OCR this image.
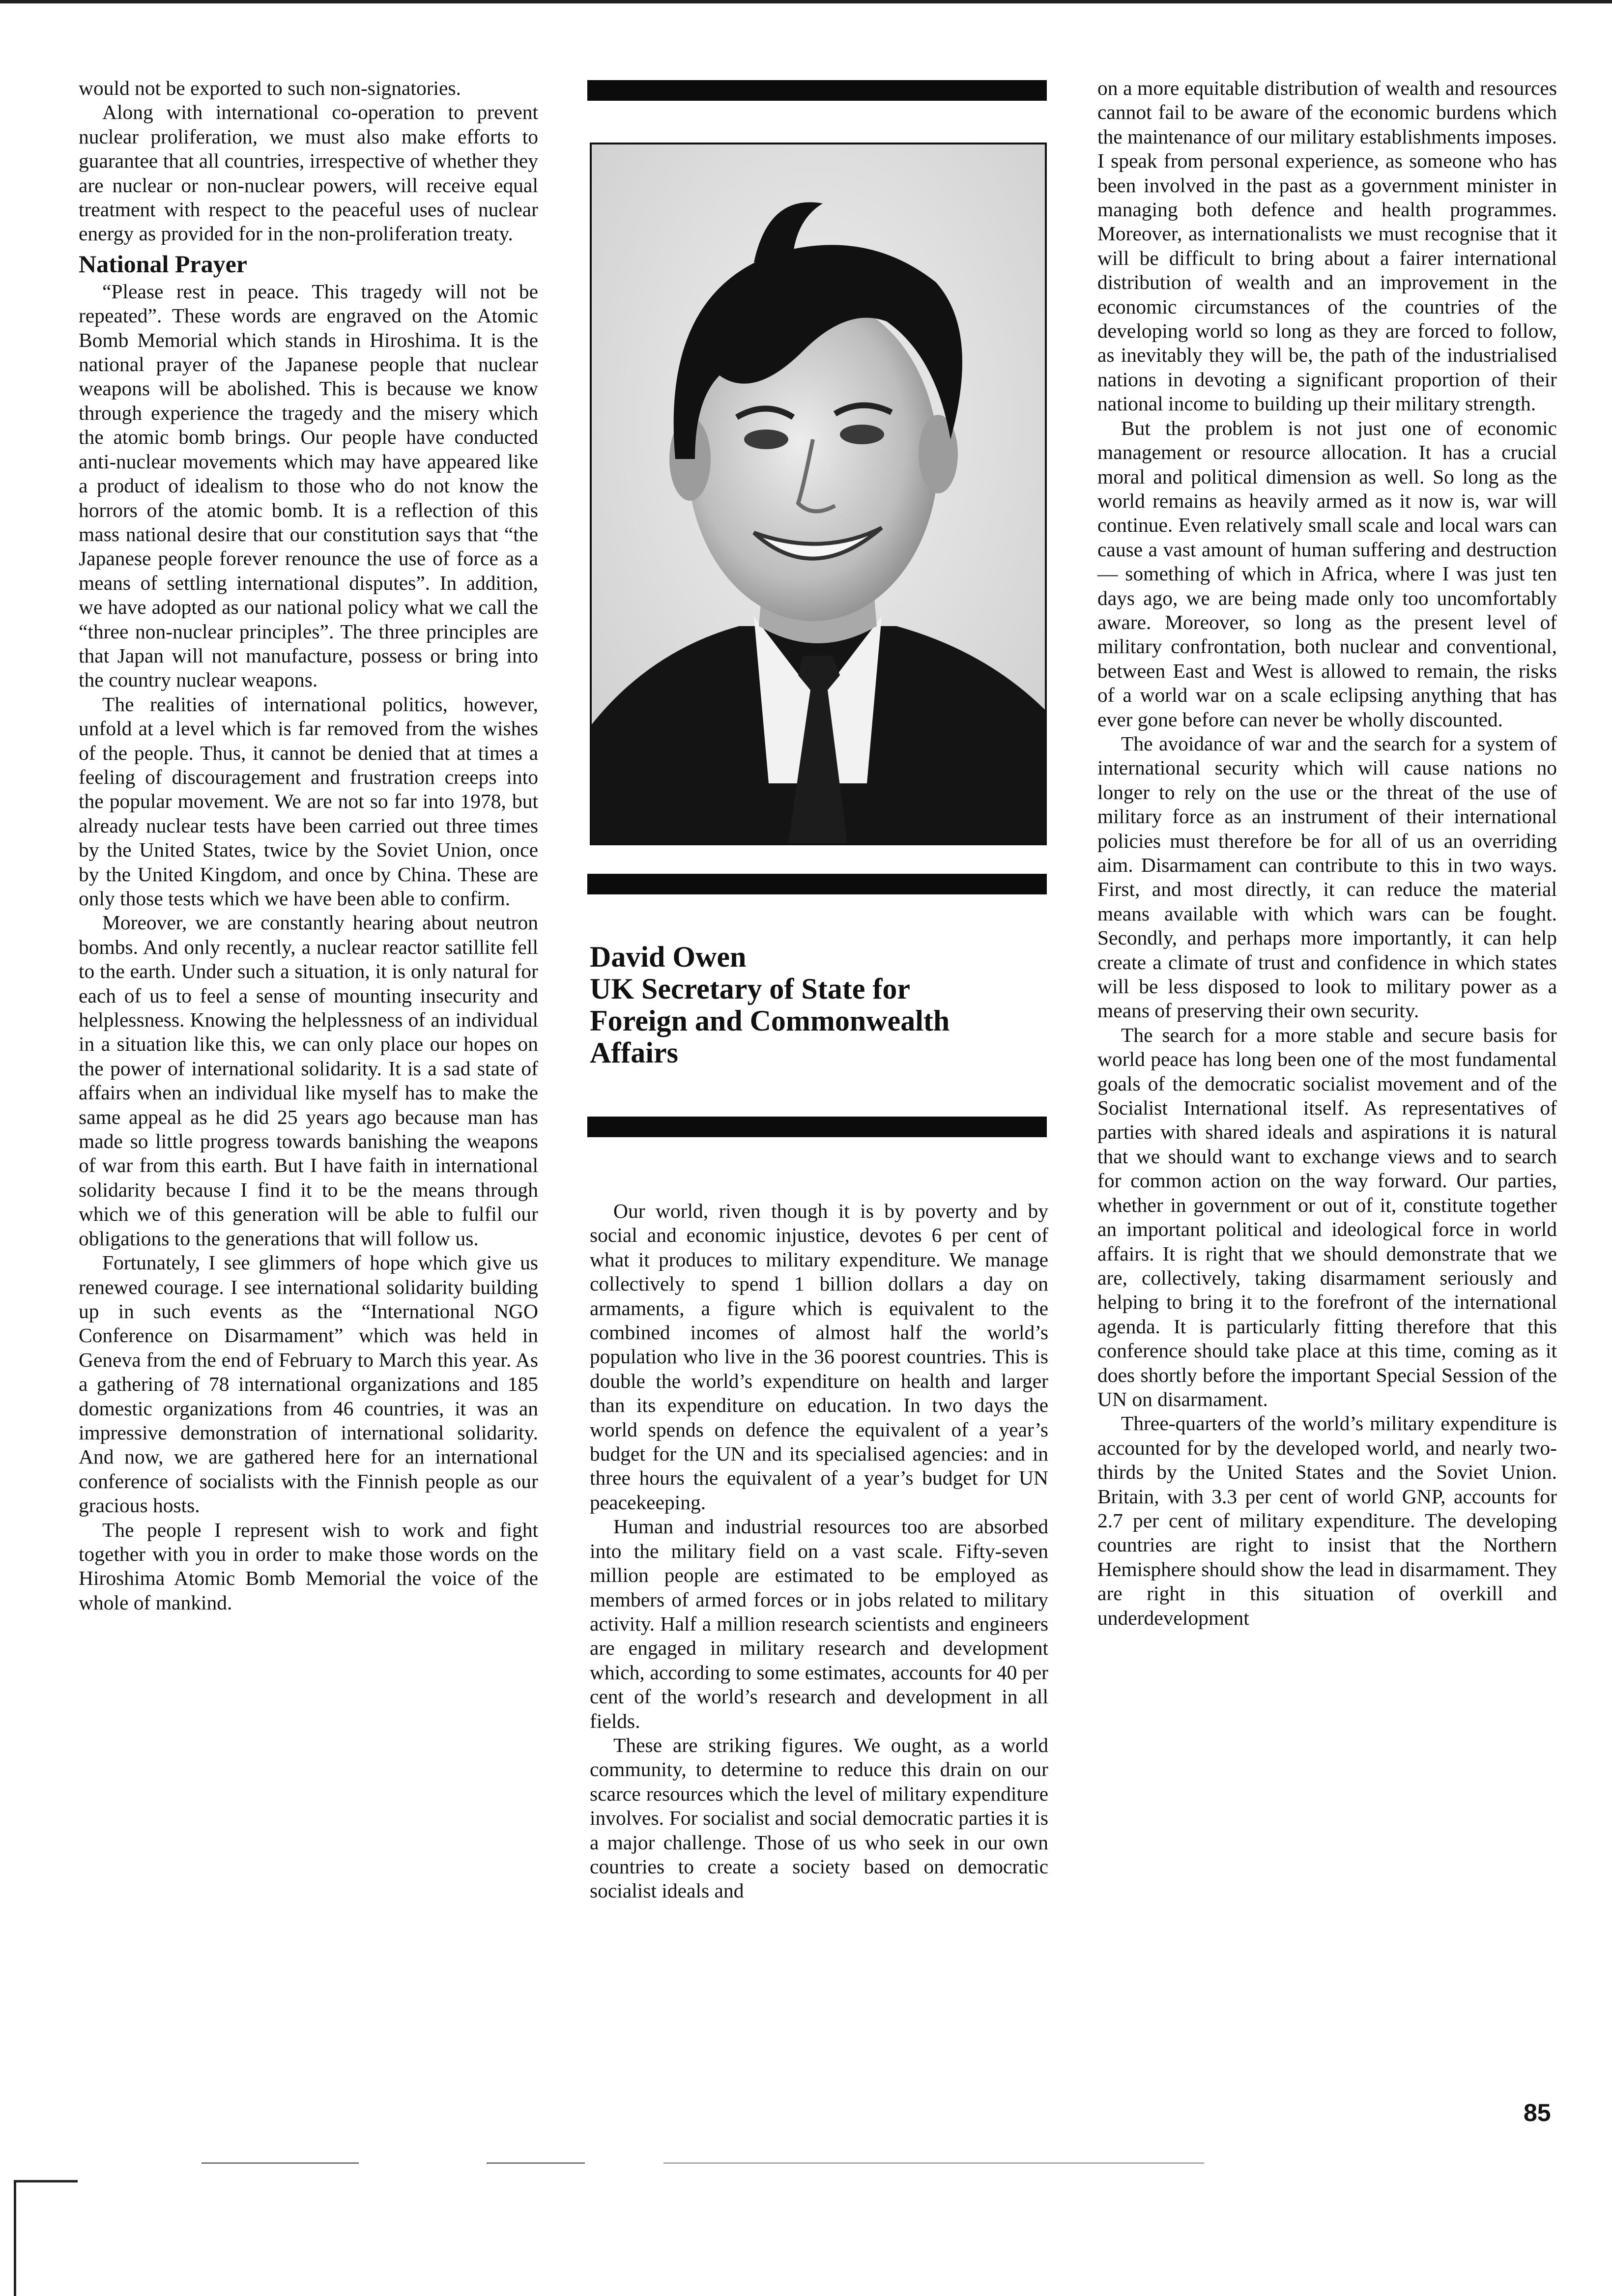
would not be exported to such non-signatories.

Along with international co-operation to prevent nuclear proliferation, we must also make efforts to guarantee that all countries, irrespective of whether they are nuclear or non-nuclear powers, will receive equal treatment with respect to the peaceful uses of nuclear energy as provided for in the non-proliferation treaty.

National Prayer

“Please rest in peace. This tragedy will not be repeated”. These words are engraved on the Atomic Bomb Memorial which stands in Hiroshima. It is the national prayer of the Japanese people that nuclear weapons will be abolished. This is because we know through experience the tragedy and the misery which the atomic bomb brings. Our people have conducted anti-nuclear movements which may have appeared like a product of idealism to those who do not know the horrors of the atomic bomb. It is a reflection of this mass national desire that our constitution says that “the Japanese people forever renounce the use of force as a means of settling international disputes”. In addition, we have adopted as our national policy what we call the “three non-nuclear principles”. The three principles are that Japan will not manufacture, possess or bring into the country nuclear weapons.

The realities of international politics, however, unfold at a level which is far removed from the wishes of the people. Thus, it cannot be denied that at times a feeling of discouragement and frustration creeps into the popular movement. We are not so far into 1978, but already nuclear tests have been carried out three times by the United States, twice by the Soviet Union, once by the United Kingdom, and once by China. These are only those tests which we have been able to confirm.

Moreover, we are constantly hearing about neutron bombs. And only recently, a nuclear reactor satillite fell to the earth. Under such a situation, it is only natural for each of us to feel a sense of mounting insecurity and helplessness. Knowing the helplessness of an individual in a situation like this, we can only place our hopes on the power of international solidarity. It is a sad state of affairs when an individual like myself has to make the same appeal as he did 25 years ago because man has made so little progress towards banishing the weapons of war from this earth. But I have faith in international solidarity because I find it to be the means through which we of this generation will be able to fulfil our obligations to the generations that will follow us.

Fortunately, I see glimmers of hope which give us renewed courage. I see international solidarity building up in such events as the “International NGO Conference on Disarmament” which was held in Geneva from the end of February to March this year. As a gathering of 78 international organizations and 185 domestic organizations from 46 countries, it was an impressive demonstration of international solidarity. And now, we are gathered here for an international conference of socialists with the Finnish people as our gracious hosts.

The people I represent wish to work and fight together with you in order to make those words on the Hiroshima Atomic Bomb Memorial the voice of the whole of mankind.

David Owen
UK Secretary of State for
Foreign and Commonwealth
Affairs

Our world, riven though it is by poverty and by social and economic injustice, devotes 6 per cent of what it produces to military expenditure. We manage collectively to spend 1 billion dollars a day on armaments, a figure which is equivalent to the combined incomes of almost half the world’s population who live in the 36 poorest countries. This is double the world’s expenditure on health and larger than its expenditure on education. In two days the world spends on defence the equivalent of a year’s budget for the UN and its specialised agencies: and in three hours the equivalent of a year’s budget for UN peacekeeping.

Human and industrial resources too are absorbed into the military field on a vast scale. Fifty-seven million people are estimated to be employed as members of armed forces or in jobs related to military activity. Half a million research scientists and engineers are engaged in military research and development which, according to some estimates, accounts for 40 per cent of the world’s research and development in all fields.

These are striking figures. We ought, as a world community, to determine to reduce this drain on our scarce resources which the level of military expenditure involves. For socialist and social democratic parties it is a major challenge. Those of us who seek in our own countries to create a society based on democratic socialist ideals and

on a more equitable distribution of wealth and resources cannot fail to be aware of the economic burdens which the maintenance of our military establishments imposes. I speak from personal experience, as someone who has been involved in the past as a government minister in managing both defence and health programmes. Moreover, as internationalists we must recognise that it will be difficult to bring about a fairer international distribution of wealth and an improvement in the economic circumstances of the countries of the developing world so long as they are forced to follow, as inevitably they will be, the path of the industrialised nations in devoting a significant proportion of their national income to building up their military strength.

But the problem is not just one of economic management or resource allocation. It has a crucial moral and political dimension as well. So long as the world remains as heavily armed as it now is, war will continue. Even relatively small scale and local wars can cause a vast amount of human suffering and destruction — something of which in Africa, where I was just ten days ago, we are being made only too uncomfortably aware. Moreover, so long as the present level of military confrontation, both nuclear and conventional, between East and West is allowed to remain, the risks of a world war on a scale eclipsing anything that has ever gone before can never be wholly discounted.

The avoidance of war and the search for a system of international security which will cause nations no longer to rely on the use or the threat of the use of military force as an instrument of their international policies must therefore be for all of us an overriding aim. Disarmament can contribute to this in two ways. First, and most directly, it can reduce the material means available with which wars can be fought. Secondly, and perhaps more importantly, it can help create a climate of trust and confidence in which states will be less disposed to look to military power as a means of preserving their own security.

The search for a more stable and secure basis for world peace has long been one of the most fundamental goals of the democratic socialist movement and of the Socialist International itself. As representatives of parties with shared ideals and aspirations it is natural that we should want to exchange views and to search for common action on the way forward. Our parties, whether in government or out of it, constitute together an important political and ideological force in world affairs. It is right that we should demonstrate that we are, collectively, taking disarmament seriously and helping to bring it to the forefront of the international agenda. It is particularly fitting therefore that this conference should take place at this time, coming as it does shortly before the important Special Session of the UN on disarmament.

Three-quarters of the world’s military expenditure is accounted for by the developed world, and nearly two-thirds by the United States and the Soviet Union. Britain, with 3.3 per cent of world GNP, accounts for 2.7 per cent of military expenditure. The developing countries are right to insist that the Northern Hemisphere should show the lead in disarmament. They are right in this situation of overkill and underdevelopment

85
